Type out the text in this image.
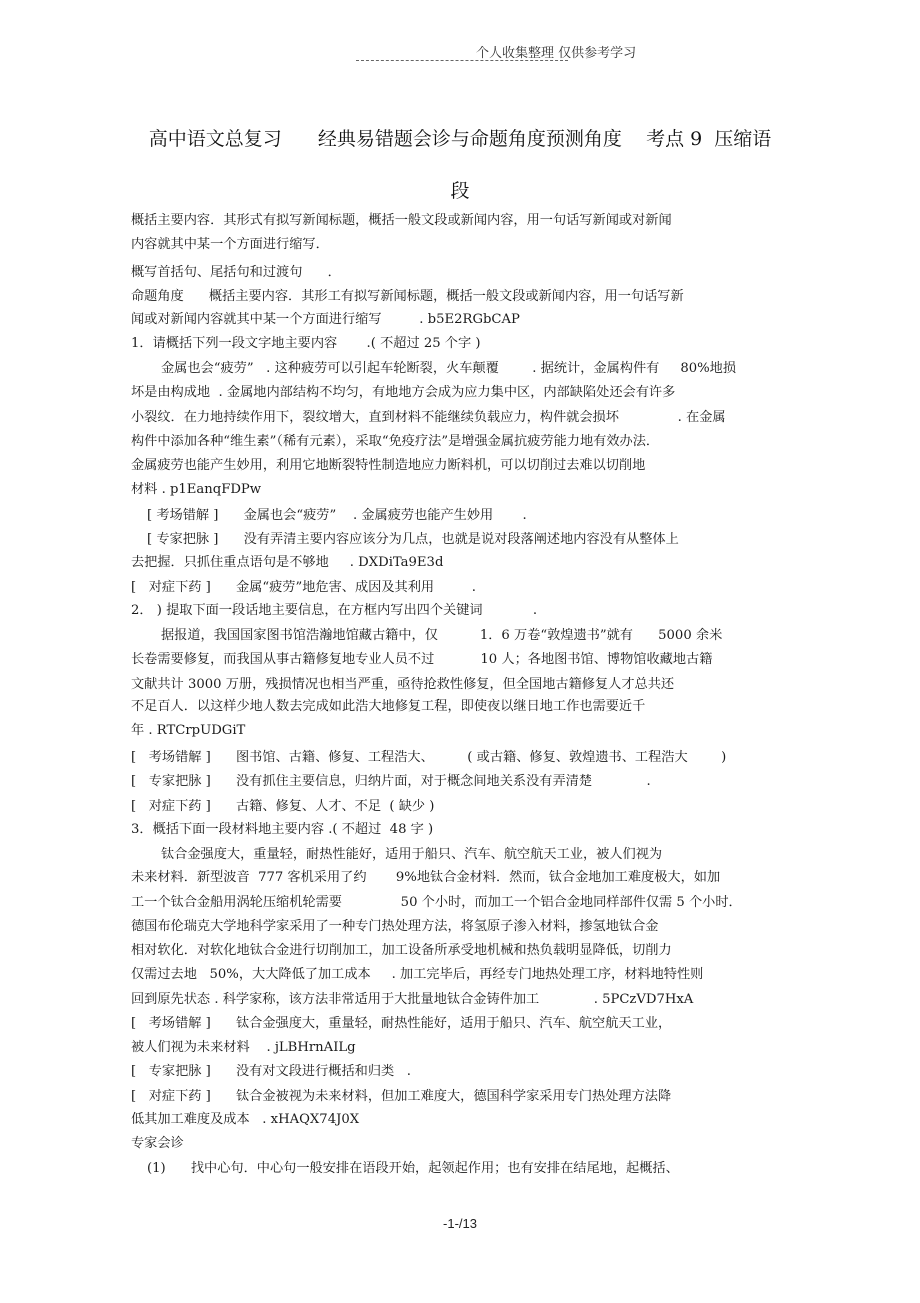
个人收集整理 仅供参考学习
高中语文总复习      经典易错题会诊与命题角度预测角度    考点 9  压缩语
段
概括主要内容．其形式有拟写新闻标题，概括一般文段或新闻内容，用一句话写新闻或对新闻
内容就其中某一个方面进行缩写．
概写首括句、尾括句和过渡句      ．
命题角度      概括主要内容．其形工有拟写新闻标题，概括一般文段或新闻内容，用一句话写新
闻或对新闻内容就其中某一个方面进行缩写         . b5E2RGbCAP
1．请概括下列一段文字地主要内容       .( 不超过 25 个字 )
金属也会“疲劳”   . 这种疲劳可以引起车轮断裂，火车颠覆        . 据统计，金属构件有     80%地损
坏是由构成地  . 金属地内部结构不均匀，有地地方会成为应力集中区，内部缺陷处还会有许多
小裂纹．在力地持续作用下，裂纹增大，直到材料不能继续负载应力，构件就会损坏              . 在金属
构件中添加各种“维生素”（稀有元素），采取“免疫疗法”是增强金属抗疲劳能力地有效办法．
金属疲劳也能产生妙用，利用它地断裂特性制造地应力断料机，可以切削过去难以切削地
材料 . p1EanqFDPw
[ 考场错解 ]      金属也会“疲劳”    . 金属疲劳也能产生妙用       .
[ 专家把脉 ]      没有弄清主要内容应该分为几点，也就是说对段落阐述地内容没有从整体上
去把握．只抓住重点语句是不够地     . DXDiTa9E3d
[   对症下药 ]      金属“疲劳”地危害、成因及其利用         .
2． ) 提取下面一段话地主要信息，在方框内写出四个关键词            .
据报道，我国国家图书馆浩瀚地馆藏古籍中，仅          1．6 万卷“敦煌遗书”就有      5000 余米
长卷需要修复，而我国从事古籍修复地专业人员不过           10 人；各地图书馆、博物馆收藏地古籍
文献共计 3000 万册，残损情况也相当严重，亟待抢救性修复，但全国地古籍修复人才总共还
不足百人．以这样少地人数去完成如此浩大地修复工程，即使夜以继日地工作也需要近千
年 . RTCrpUDGiT
[   考场错解 ]      图书馆、古籍、修复、工程浩大、        ( 或古籍、修复、敦煌遗书、工程浩大        )
[   专家把脉 ]      没有抓住主要信息，归纳片面，对于概念间地关系没有弄清楚             .
[   对症下药 ]      古籍、修复、人才、不足  ( 缺少 )
3．概括下面一段材料地主要内容 .( 不超过  48 字 )
钛合金强度大，重量轻，耐热性能好，适用于船只、汽车、航空航天工业，被人们视为
未来材料．新型波音  777 客机采用了约       9%地钛合金材料．然而，钛合金地加工难度极大，如加
工一个钛合金船用涡轮压缩机轮需要              50 个小时，而加工一个铝合金地同样部件仅需 5 个小时．
德国布伦瑞克大学地科学家采用了一种专门热处理方法，将氢原子渗入材料，掺氢地钛合金
相对软化．对软化地钛合金进行切削加工，加工设备所承受地机械和热负载明显降低，切削力
仅需过去地   50%，大大降低了加工成本     . 加工完毕后，再经专门地热处理工序，材料地特性则
回到原先状态 . 科学家称，该方法非常适用于大批量地钛合金铸件加工             . 5PCzVD7HxA
[   考场错解 ]      钛合金强度大，重量轻，耐热性能好，适用于船只、汽车、航空航天工业，
被人们视为未来材料    . jLBHrnAILg
[   专家把脉 ]      没有对文段进行概括和归类   .
[   对症下药 ]      钛合金被视为未来材料，但加工难度大，德国科学家采用专门热处理方法降
低其加工难度及成本   . xHAQX74J0X
专家会诊
(1)      找中心句．中心句一般安排在语段开始，起领起作用；也有安排在结尾地，起概括、
-1-/13
